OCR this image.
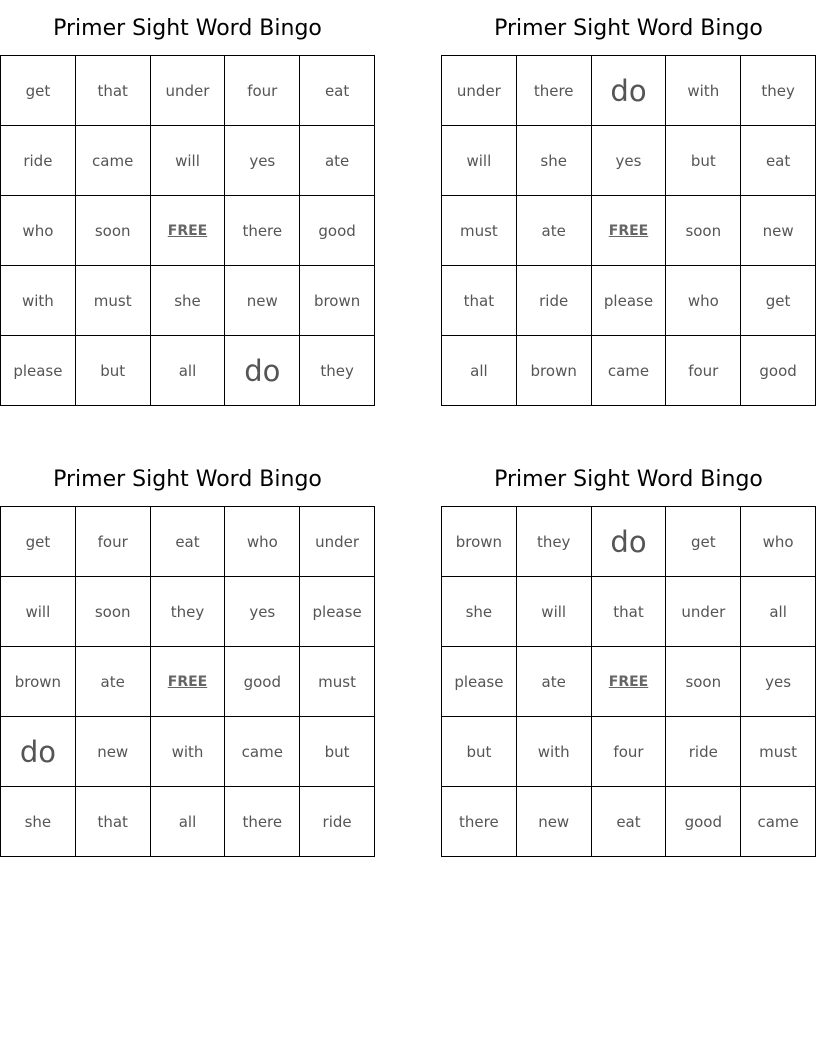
Primer Sight Word Bingo
get	that	under	four	eat
ride	came	will	yes	ate
who	soon	FREE	there	good
with	must	she	new	brown
please	but	all	do	they
Primer Sight Word Bingo
under	there	do	with	they
will	she	yes	but	eat
must	ate	FREE	soon	new
that	ride	please	who	get
all	brown	came	four	good
Primer Sight Word Bingo
get	four	eat	who	under
will	soon	they	yes	please
brown	ate	FREE	good	must
do	new	with	came	but
she	that	all	there	ride
Primer Sight Word Bingo
brown	they	do	get	who
she	will	that	under	all
please	ate	FREE	soon	yes
but	with	four	ride	must
there	new	eat	good	came
